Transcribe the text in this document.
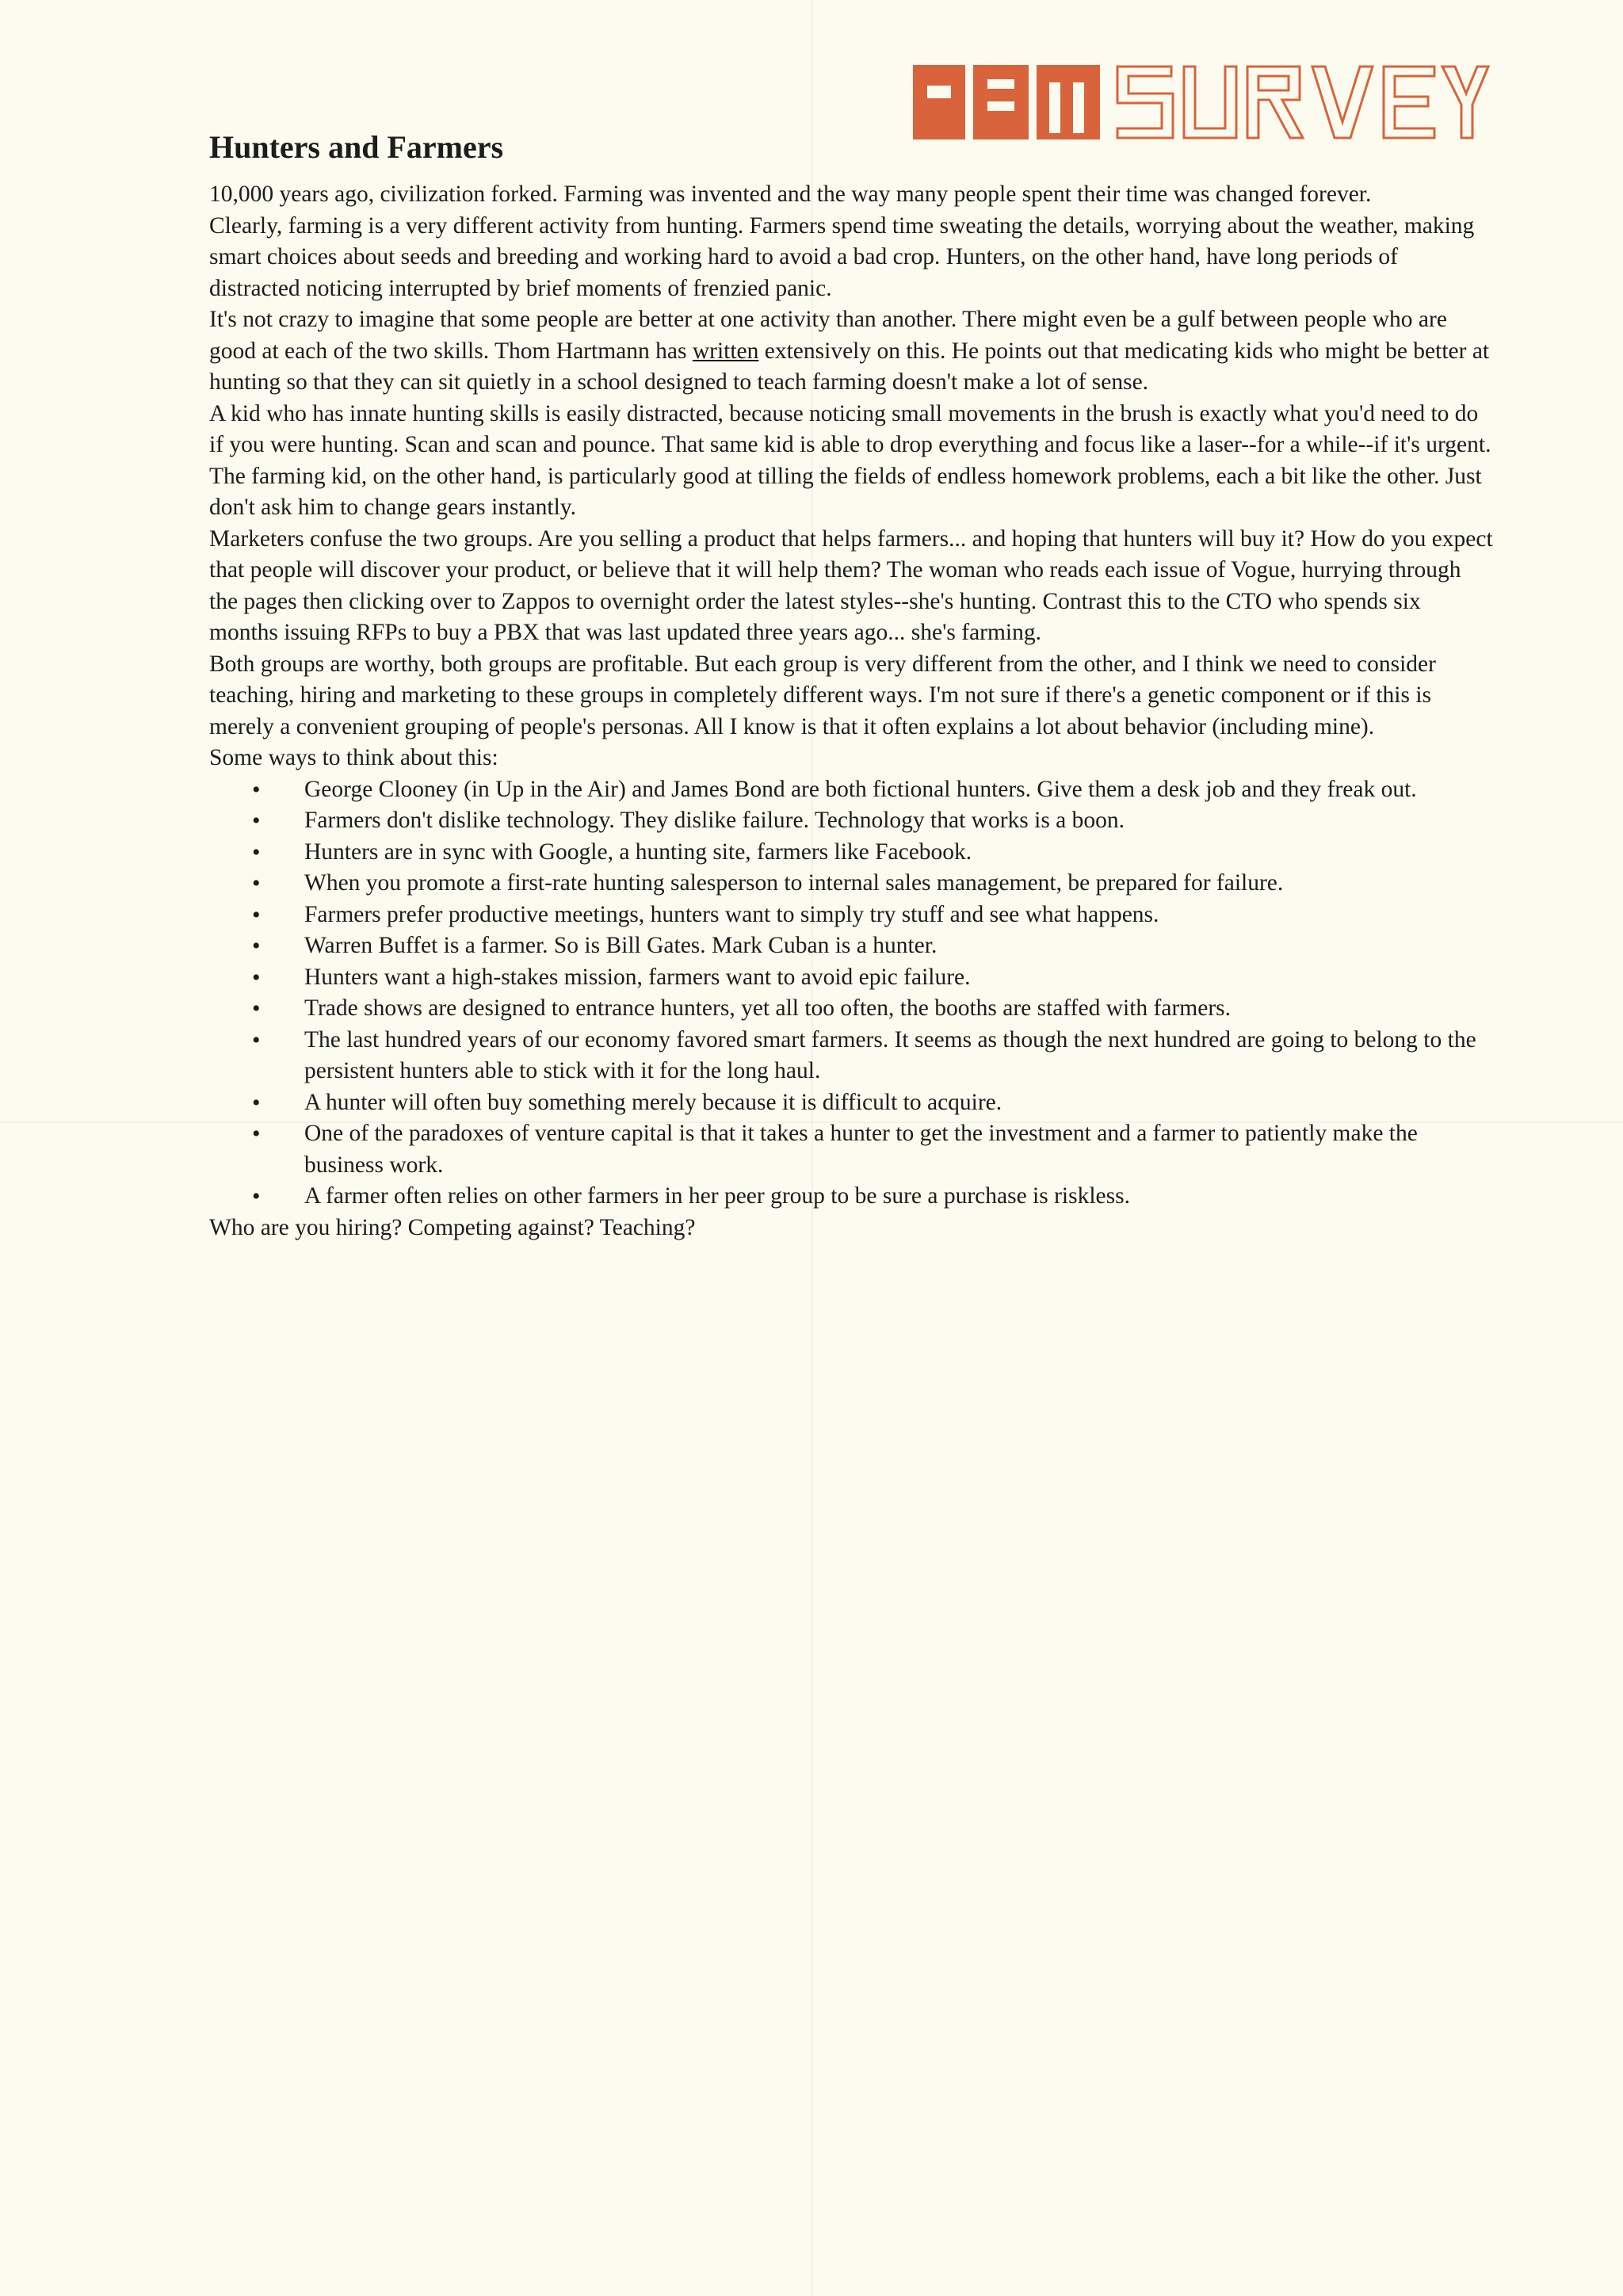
Hunters and Farmers

10,000 years ago, civilization forked. Farming was invented and the way many people spent their time was changed forever.

Clearly, farming is a very different activity from hunting. Farmers spend time sweating the details, worrying about the weather, making smart choices about seeds and breeding and working hard to avoid a bad crop. Hunters, on the other hand, have long periods of distracted noticing interrupted by brief moments of frenzied panic.

It's not crazy to imagine that some people are better at one activity than another. There might even be a gulf between people who are good at each of the two skills. Thom Hartmann has written extensively on this. He points out that medicating kids who might be better at hunting so that they can sit quietly in a school designed to teach farming doesn't make a lot of sense.

A kid who has innate hunting skills is easily distracted, because noticing small movements in the brush is exactly what you'd need to do if you were hunting. Scan and scan and pounce. That same kid is able to drop everything and focus like a laser--for a while--if it's urgent. The farming kid, on the other hand, is particularly good at tilling the fields of endless homework problems, each a bit like the other. Just don't ask him to change gears instantly.

Marketers confuse the two groups. Are you selling a product that helps farmers... and hoping that hunters will buy it? How do you expect that people will discover your product, or believe that it will help them? The woman who reads each issue of Vogue, hurrying through the pages then clicking over to Zappos to overnight order the latest styles--she's hunting. Contrast this to the CTO who spends six months issuing RFPs to buy a PBX that was last updated three years ago... she's farming.

Both groups are worthy, both groups are profitable. But each group is very different from the other, and I think we need to consider teaching, hiring and marketing to these groups in completely different ways. I'm not sure if there's a genetic component or if this is merely a convenient grouping of people's personas. All I know is that it often explains a lot about behavior (including mine).

Some ways to think about this:

• George Clooney (in Up in the Air) and James Bond are both fictional hunters. Give them a desk job and they freak out.
• Farmers don't dislike technology. They dislike failure. Technology that works is a boon.
• Hunters are in sync with Google, a hunting site, farmers like Facebook.
• When you promote a first-rate hunting salesperson to internal sales management, be prepared for failure.
• Farmers prefer productive meetings, hunters want to simply try stuff and see what happens.
• Warren Buffet is a farmer. So is Bill Gates. Mark Cuban is a hunter.
• Hunters want a high-stakes mission, farmers want to avoid epic failure.
• Trade shows are designed to entrance hunters, yet all too often, the booths are staffed with farmers.
• The last hundred years of our economy favored smart farmers. It seems as though the next hundred are going to belong to the persistent hunters able to stick with it for the long haul.
• A hunter will often buy something merely because it is difficult to acquire.
• One of the paradoxes of venture capital is that it takes a hunter to get the investment and a farmer to patiently make the business work.
• A farmer often relies on other farmers in her peer group to be sure a purchase is riskless.

Who are you hiring? Competing against? Teaching?
